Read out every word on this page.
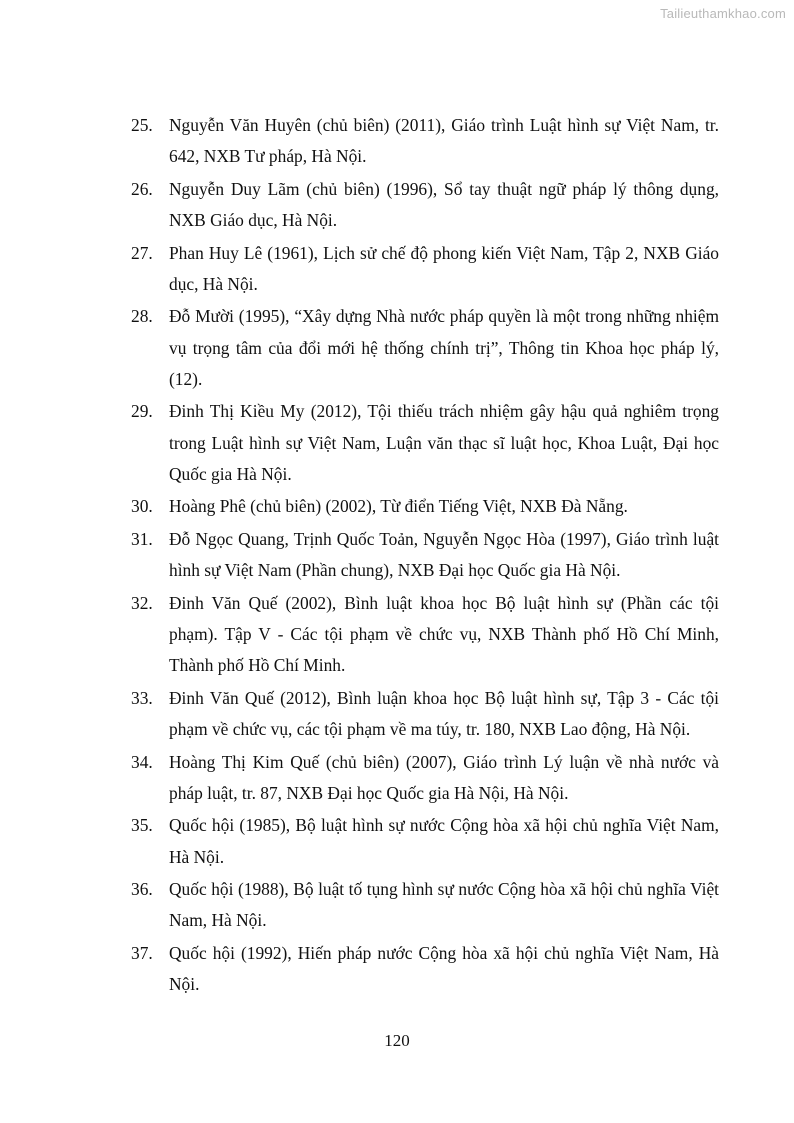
Tailieuthamkhao.com
25. Nguyễn Văn Huyên (chủ biên) (2011), Giáo trình Luật hình sự Việt Nam, tr. 642, NXB Tư pháp, Hà Nội.
26. Nguyễn Duy Lãm (chủ biên) (1996), Sổ tay thuật ngữ pháp lý thông dụng, NXB Giáo dục, Hà Nội.
27. Phan Huy Lê (1961), Lịch sử chế độ phong kiến Việt Nam, Tập 2, NXB Giáo dục, Hà Nội.
28. Đỗ Mười (1995), “Xây dựng Nhà nước pháp quyền là một trong những nhiệm vụ trọng tâm của đổi mới hệ thống chính trị”, Thông tin Khoa học pháp lý, (12).
29. Đinh Thị Kiều My (2012), Tội thiếu trách nhiệm gây hậu quả nghiêm trọng trong Luật hình sự Việt Nam, Luận văn thạc sĩ luật học, Khoa Luật, Đại học Quốc gia Hà Nội.
30. Hoàng Phê (chủ biên) (2002), Từ điển Tiếng Việt, NXB Đà Nẵng.
31. Đỗ Ngọc Quang, Trịnh Quốc Toản, Nguyễn Ngọc Hòa (1997), Giáo trình luật hình sự Việt Nam (Phần chung), NXB Đại học Quốc gia Hà Nội.
32. Đinh Văn Quế (2002), Bình luật khoa học Bộ luật hình sự (Phần các tội phạm). Tập V - Các tội phạm về chức vụ, NXB Thành phố Hồ Chí Minh, Thành phố Hồ Chí Minh.
33. Đinh Văn Quế (2012), Bình luận khoa học Bộ luật hình sự, Tập 3 - Các tội phạm về chức vụ, các tội phạm về ma túy, tr. 180, NXB Lao động, Hà Nội.
34. Hoàng Thị Kim Quế (chủ biên) (2007), Giáo trình Lý luận về nhà nước và pháp luật, tr. 87, NXB Đại học Quốc gia Hà Nội, Hà Nội.
35. Quốc hội (1985), Bộ luật hình sự nước Cộng hòa xã hội chủ nghĩa Việt Nam, Hà Nội.
36. Quốc hội (1988), Bộ luật tố tụng hình sự nước Cộng hòa xã hội chủ nghĩa Việt Nam, Hà Nội.
37. Quốc hội (1992), Hiến pháp nước Cộng hòa xã hội chủ nghĩa Việt Nam, Hà Nội.
120
